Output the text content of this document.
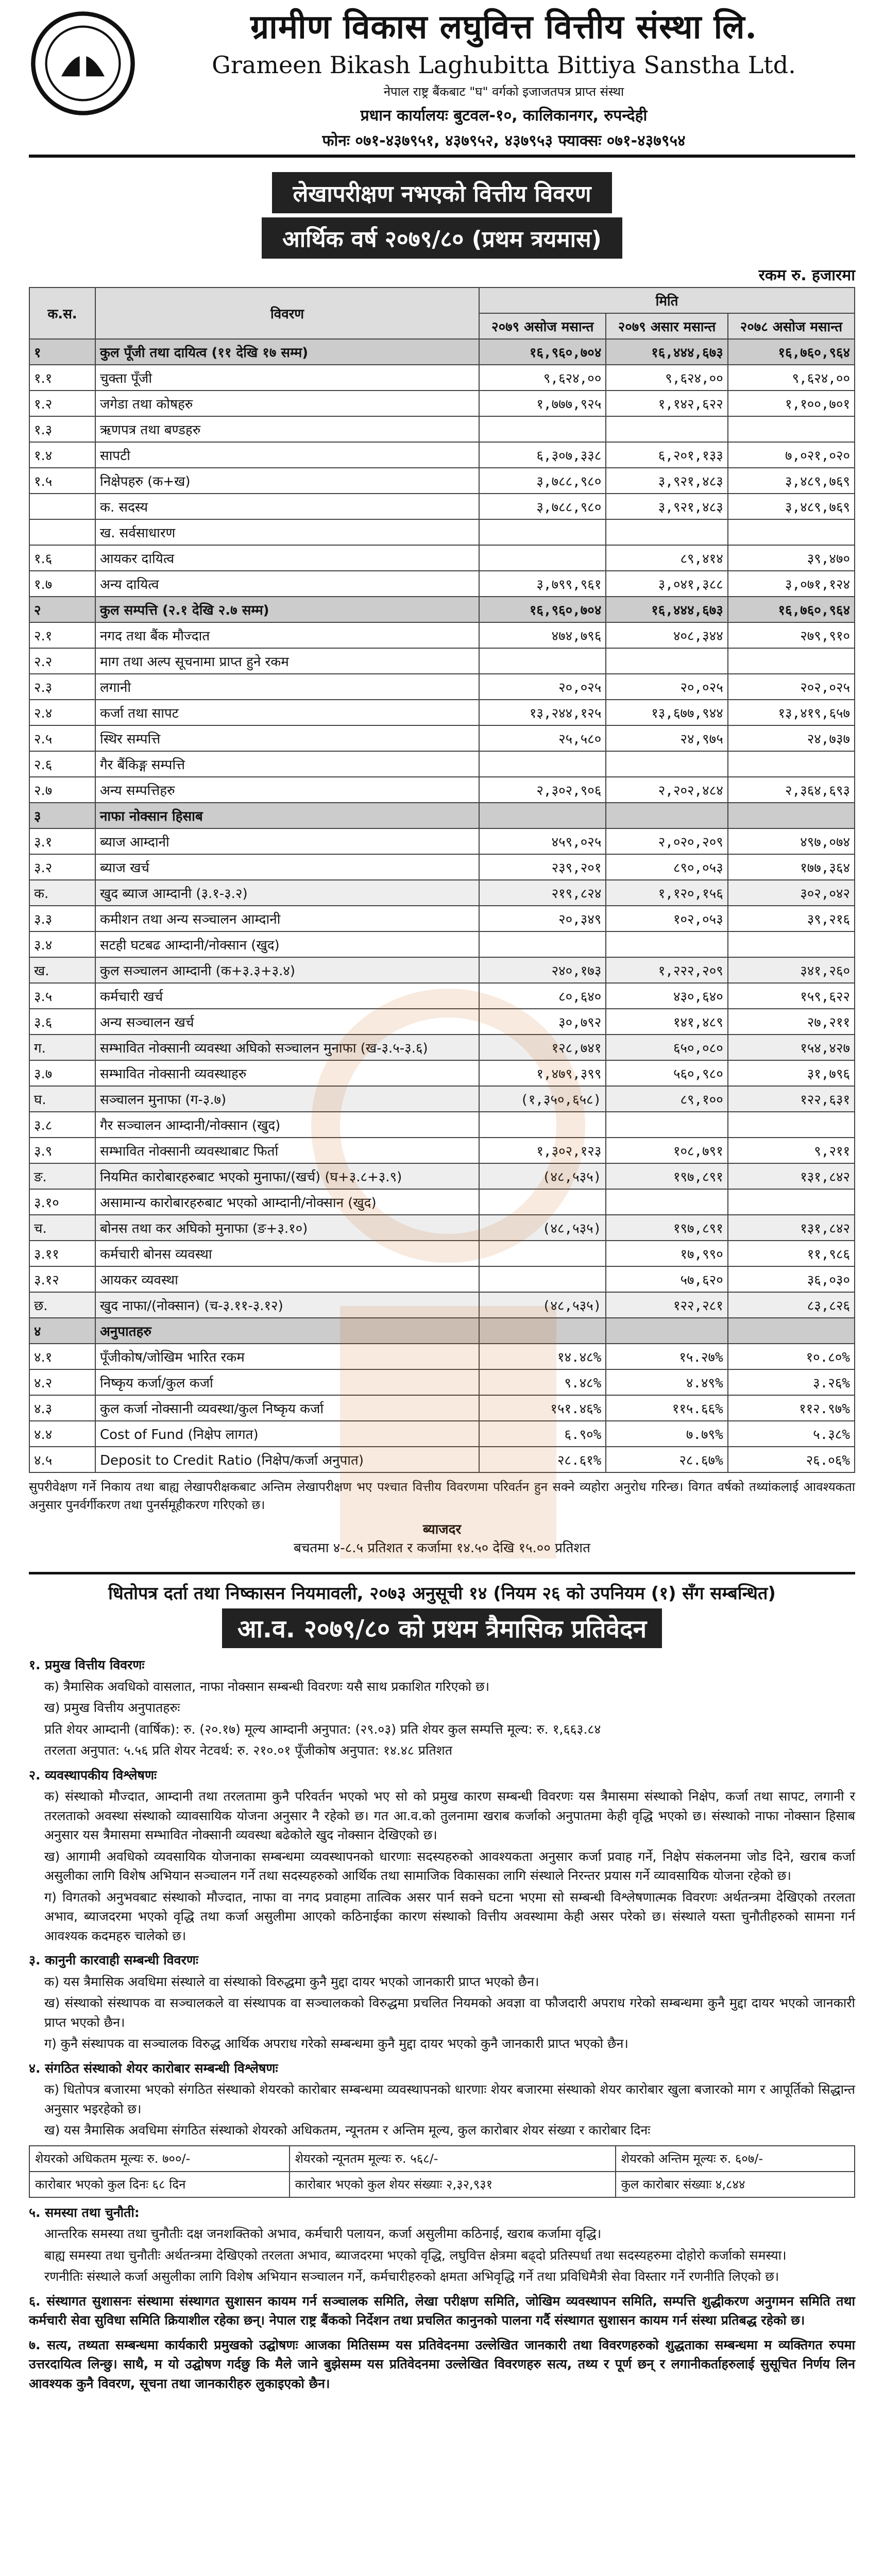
ग्रामीण विकास लघुवित्त वित्तीय संस्था लि.
Grameen Bikash Laghubitta Bittiya Sanstha Ltd.
नेपाल राष्ट्र बैंकबाट "घ" वर्गको इजाजतपत्र प्राप्त संस्था
प्रधान कार्यालयः बुटवल-१०, कालिकानगर, रुपन्देही
फोनः ०७१-४३७९५१, ४३७९५२, ४३७९५३ फ्याक्सः ०७१-४३७९५४
लेखापरीक्षण नभएको वित्तीय विवरण
आर्थिक वर्ष २०७९/८० (प्रथम त्रयमास)
रकम रु. हजारमा
क.स.	विवरण	मिति		
		२०७९ असोज मसान्त	२०७९ असार मसान्त	२०७८ असोज मसान्त
१	कुल पूँजी तथा दायित्व (११ देखि १७ सम्म)	१६,९६०,७०४	१६,४४४,६७३	१६,७६०,९६४
१.१	चुक्ता पूँजी	९,६२४,००	९,६२४,००	९,६२४,००
१.२	जगेडा तथा कोषहरु	१,७७७,९२५	१,१४२,६२२	१,१००,७०१
१.३	ऋणपत्र तथा बण्डहरु			
१.४	सापटी	६,३०७,३३८	६,२०१,१३३	७,०२१,०२०
१.५	निक्षेपहरु (क+ख)	३,७८८,९८०	३,९२१,४८३	३,४८९,७६९
	क. सदस्य	३,७८८,९८०	३,९२१,४८३	३,४८९,७६९
	ख. सर्वसाधारण			
१.६	आयकर दायित्व		८९,४१४	३९,४७०
१.७	अन्य दायित्व	३,७९९,९६१	३,०४१,३८८	३,०७१,१२४
२	कुल सम्पत्ति (२.१ देखि २.७ सम्म)	१६,९६०,७०४	१६,४४४,६७३	१६,७६०,९६४
२.१	नगद तथा बैंक मौज्दात	४७४,७९६	४०८,३४४	२७९,९१०
२.२	माग तथा अल्प सूचनामा प्राप्त हुने रकम			
२.३	लगानी	२०,०२५	२०,०२५	२०२,०२५
२.४	कर्जा तथा सापट	१३,२४४,१२५	१३,६७७,९४४	१३,४१९,६५७
२.५	स्थिर सम्पत्ति	२५,५८०	२४,९७५	२४,७३७
२.६	गैर बैंकिङ्ग सम्पत्ति			
२.७	अन्य सम्पत्तिहरु	२,३०२,९०६	२,२०२,४८४	२,३६४,६९३
३	नाफा नोक्सान हिसाब			
३.१	ब्याज आम्दानी	४५९,०२५	२,०२०,२०९	४९७,०७४
३.२	ब्याज खर्च	२३९,२०१	८९०,०५३	१७७,३६४
क.	खुद ब्याज आम्दानी (३.१-३.२)	२१९,८२४	१,१२०,१५६	३०२,०४२
३.३	कमीशन तथा अन्य सञ्चालन आम्दानी	२०,३४९	१०२,०५३	३९,२१६
३.४	सटही घटबढ आम्दानी/नोक्सान (खुद)			
ख.	कुल सञ्चालन आम्दानी (क+३.३+३.४)	२४०,१७३	१,२२२,२०९	३४१,२६०
३.५	कर्मचारी खर्च	८०,६४०	४३०,६४०	१५९,६२२
३.६	अन्य सञ्चालन खर्च	३०,७९२	१४१,४८९	२७,२११
ग.	सम्भावित नोक्सानी व्यवस्था अघिको सञ्चालन मुनाफा (ख-३.५-३.६)	१२८,७४१	६५०,०८०	१५४,४२७
३.७	सम्भावित नोक्सानी व्यवस्थाहरु	१,४७९,३९९	५६०,९८०	३१,७९६
घ.	सञ्चालन मुनाफा (ग-३.७)	(१,३५०,६५८)	८९,१००	१२२,६३१
३.८	गैर सञ्चालन आम्दानी/नोक्सान (खुद)			
३.९	सम्भावित नोक्सानी व्यवस्थाबाट फिर्ता	१,३०२,१२३	१०८,७९१	९,२११
ङ.	नियमित कारोबारहरुबाट भएको मुनाफा/(खर्च) (घ+३.८+३.९)	(४८,५३५)	१९७,८९१	१३१,८४२
३.१०	असामान्य कारोबारहरुबाट भएको आम्दानी/नोक्सान (खुद)			
च.	बोनस तथा कर अघिको मुनाफा (ङ+३.१०)	(४८,५३५)	१९७,८९१	१३१,८४२
३.११	कर्मचारी बोनस व्यवस्था		१७,९९०	११,९८६
३.१२	आयकर व्यवस्था		५७,६२०	३६,०३०
छ.	खुद नाफा/(नोक्सान) (च-३.११-३.१२)	(४८,५३५)	१२२,२८१	८३,८२६
४	अनुपातहरु			
४.१	पूँजीकोष/जोखिम भारित रकम	१४.४८%	१५.२७%	१०.८०%
४.२	निष्कृय कर्जा/कुल कर्जा	९.४८%	४.४९%	३.२६%
४.३	कुल कर्जा नोक्सानी व्यवस्था/कुल निष्कृय कर्जा	१५१.४६%	११५.६६%	११२.९७%
४.४	Cost of Fund (निक्षेप लागत)	६.९०%	७.७९%	५.३८%
४.५	Deposit to Credit Ratio (निक्षेप/कर्जा अनुपात)	२८.६१%	२८.६७%	२६.०६%
सुपरीवेक्षण गर्ने निकाय तथा बाह्य लेखापरीक्षकबाट अन्तिम लेखापरीक्षण भए पश्चात वित्तीय विवरणमा परिवर्तन हुन सक्ने व्यहोरा अनुरोध गरिन्छ। विगत वर्षको तथ्यांकलाई आवश्यकता अनुसार पुनर्वर्गीकरण तथा पुनर्समूहीकरण गरिएको छ।
ब्याजदर
बचतमा ४-८.५ प्रतिशत र कर्जामा १४.५० देखि १५.०० प्रतिशत
धितोपत्र दर्ता तथा निष्कासन नियमावली, २०७३ अनुसूची १४ (नियम २६ को उपनियम (१) सँग सम्बन्धित)
आ.व. २०७९/८० को प्रथम त्रैमासिक प्रतिवेदन

१. प्रमुख वित्तीय विवरणः

क) त्रैमासिक अवधिको वासलात, नाफा नोक्सान सम्बन्धी विवरणः यसै साथ प्रकाशित गरिएको छ।

ख) प्रमुख वित्तीय अनुपातहरुः

प्रति शेयर आम्दानी (वार्षिक): रु. (२०.१७) मूल्य आम्दानी अनुपात: (२९.०३) प्रति शेयर कुल सम्पत्ति मूल्य: रु. १,६६३.८४

तरलता अनुपात: ५.५६ प्रति शेयर नेटवर्थ: रु. २१०.०१ पूँजीकोष अनुपात: १४.४८ प्रतिशत

२. व्यवस्थापकीय विश्लेषणः

क) संस्थाको मौज्दात, आम्दानी तथा तरलतामा कुनै परिवर्तन भएको भए सो को प्रमुख कारण सम्बन्धी विवरणः यस त्रैमासमा संस्थाको निक्षेप, कर्जा तथा सापट, लगानी र तरलताको अवस्था संस्थाको व्यावसायिक योजना अनुसार नै रहेको छ। गत आ.व.को तुलनामा खराब कर्जाको अनुपातमा केही वृद्धि भएको छ। संस्थाको नाफा नोक्सान हिसाब अनुसार यस त्रैमासमा सम्भावित नोक्सानी व्यवस्था बढेकोले खुद नोक्सान देखिएको छ।

ख) आगामी अवधिको व्यवसायिक योजनाका सम्बन्धमा व्यवस्थापनको धारणाः सदस्यहरुको आवश्यकता अनुसार कर्जा प्रवाह गर्ने, निक्षेप संकलनमा जोड दिने, खराब कर्जा असुलीका लागि विशेष अभियान सञ्चालन गर्ने तथा सदस्यहरुको आर्थिक तथा सामाजिक विकासका लागि संस्थाले निरन्तर प्रयास गर्ने व्यावसायिक योजना रहेको छ।

ग) विगतको अनुभवबाट संस्थाको मौज्दात, नाफा वा नगद प्रवाहमा तात्विक असर पार्न सक्ने घटना भएमा सो सम्बन्धी विश्लेषणात्मक विवरणः अर्थतन्त्रमा देखिएको तरलता अभाव, ब्याजदरमा भएको वृद्धि तथा कर्जा असुलीमा आएको कठिनाईका कारण संस्थाको वित्तीय अवस्थामा केही असर परेको छ। संस्थाले यस्ता चुनौतीहरुको सामना गर्न आवश्यक कदमहरु चालेको छ।

३. कानुनी कारवाही सम्बन्धी विवरणः

क) यस त्रैमासिक अवधिमा संस्थाले वा संस्थाको विरुद्धमा कुनै मुद्दा दायर भएको जानकारी प्राप्त भएको छैन।

ख) संस्थाको संस्थापक वा सञ्चालकले वा संस्थापक वा सञ्चालकको विरुद्धमा प्रचलित नियमको अवज्ञा वा फौजदारी अपराध गरेको सम्बन्धमा कुनै मुद्दा दायर भएको जानकारी प्राप्त भएको छैन।

ग) कुनै संस्थापक वा सञ्चालक विरुद्ध आर्थिक अपराध गरेको सम्बन्धमा कुनै मुद्दा दायर भएको कुनै जानकारी प्राप्त भएको छैन।

४. संगठित संस्थाको शेयर कारोबार सम्बन्धी विश्लेषणः

क) धितोपत्र बजारमा भएको संगठित संस्थाको शेयरको कारोबार सम्बन्धमा व्यवस्थापनको धारणाः शेयर बजारमा संस्थाको शेयर कारोबार खुला बजारको माग र आपूर्तिको सिद्धान्त अनुसार भइरहेको छ।

ख) यस त्रैमासिक अवधिमा संगठित संस्थाको शेयरको अधिकतम, न्यूनतम र अन्तिम मूल्य, कुल कारोबार शेयर संख्या र कारोबार दिनः

शेयरको अधिकतम मूल्यः रु. ७००/-	शेयरको न्यूनतम मूल्यः रु. ५६८/-	शेयरको अन्तिम मूल्यः रु. ६०७/-
कारोबार भएको कुल दिनः ६८ दिन	कारोबार भएको कुल शेयर संख्याः २,३२,९३१	कुल कारोबार संख्याः ४,८४४

५. समस्या तथा चुनौती:

आन्तरिक समस्या तथा चुनौतीः दक्ष जनशक्तिको अभाव, कर्मचारी पलायन, कर्जा असुलीमा कठिनाई, खराब कर्जामा वृद्धि।

बाह्य समस्या तथा चुनौतीः अर्थतन्त्रमा देखिएको तरलता अभाव, ब्याजदरमा भएको वृद्धि, लघुवित्त क्षेत्रमा बढ्दो प्रतिस्पर्धा तथा सदस्यहरुमा दोहोरो कर्जाको समस्या।

रणनीतिः संस्थाले कर्जा असुलीका लागि विशेष अभियान सञ्चालन गर्ने, कर्मचारीहरुको क्षमता अभिवृद्धि गर्ने तथा प्रविधिमैत्री सेवा विस्तार गर्ने रणनीति लिएको छ।

६. संस्थागत सुशासनः संस्थामा संस्थागत सुशासन कायम गर्न सञ्चालक समिति, लेखा परीक्षण समिति, जोखिम व्यवस्थापन समिति, सम्पत्ति शुद्धीकरण अनुगमन समिति तथा कर्मचारी सेवा सुविधा समिति क्रियाशील रहेका छन्। नेपाल राष्ट्र बैंकको निर्देशन तथा प्रचलित कानुनको पालना गर्दै संस्थागत सुशासन कायम गर्न संस्था प्रतिबद्ध रहेको छ।

७. सत्य, तथ्यता सम्बन्धमा कार्यकारी प्रमुखको उद्घोषणः आजका मितिसम्म यस प्रतिवेदनमा उल्लेखित जानकारी तथा विवरणहरुको शुद्धताका सम्बन्धमा म व्यक्तिगत रुपमा उत्तरदायित्व लिन्छु। साथै, म यो उद्घोषण गर्दछु कि मैले जाने बुझेसम्म यस प्रतिवेदनमा उल्लेखित विवरणहरु सत्य, तथ्य र पूर्ण छन् र लगानीकर्ताहरुलाई सुसूचित निर्णय लिन आवश्यक कुनै विवरण, सूचना तथा जानकारीहरु लुकाइएको छैन।
